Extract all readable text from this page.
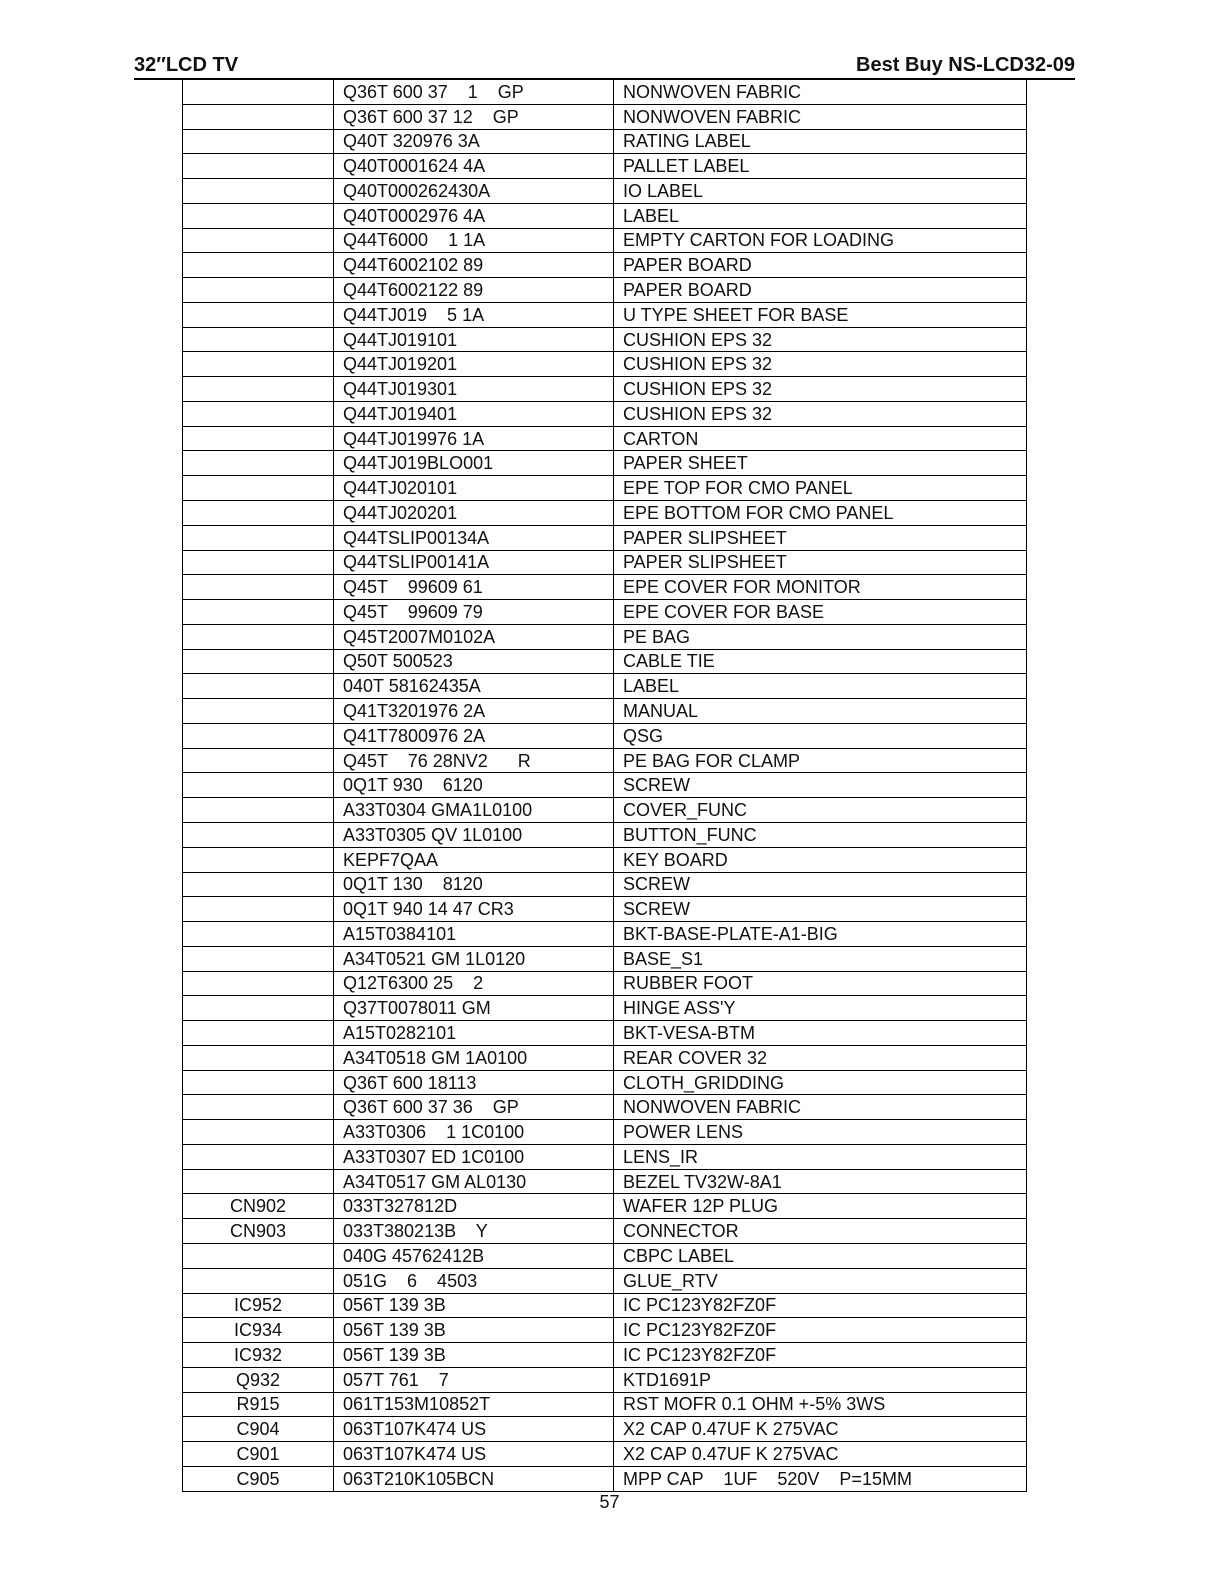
32″LCD TV	Best Buy NS-LCD32-09
	Q36T 600 37    1    GP	NONWOVEN FABRIC
	Q36T 600 37 12    GP	NONWOVEN FABRIC
	Q40T 320976 3A	RATING LABEL
	Q40T0001624 4A	PALLET LABEL
	Q40T000262430A	IO LABEL
	Q40T0002976 4A	LABEL
	Q44T6000    1 1A	EMPTY CARTON FOR LOADING
	Q44T6002102 89	PAPER BOARD
	Q44T6002122 89	PAPER BOARD
	Q44TJ019    5 1A	U TYPE SHEET FOR BASE
	Q44TJ019101	CUSHION EPS 32
	Q44TJ019201	CUSHION EPS 32
	Q44TJ019301	CUSHION EPS 32
	Q44TJ019401	CUSHION EPS 32
	Q44TJ019976 1A	CARTON
	Q44TJ019BLO001	PAPER SHEET
	Q44TJ020101	EPE TOP FOR CMO PANEL
	Q44TJ020201	EPE BOTTOM FOR CMO PANEL
	Q44TSLIP00134A	PAPER SLIPSHEET
	Q44TSLIP00141A	PAPER SLIPSHEET
	Q45T    99609 61	EPE COVER FOR MONITOR
	Q45T    99609 79	EPE COVER FOR BASE
	Q45T2007M0102A	PE BAG
	Q50T 500523	CABLE TIE
	040T 58162435A	LABEL
	Q41T3201976 2A	MANUAL
	Q41T7800976 2A	QSG
	Q45T    76 28NV2      R	PE BAG FOR CLAMP
	0Q1T 930    6120	SCREW
	A33T0304 GMA1L0100	COVER_FUNC
	A33T0305 QV 1L0100	BUTTON_FUNC
	KEPF7QAA	KEY BOARD
	0Q1T 130    8120	SCREW
	0Q1T 940 14 47 CR3	SCREW
	A15T0384101	BKT-BASE-PLATE-A1-BIG
	A34T0521 GM 1L0120	BASE_S1
	Q12T6300 25    2	RUBBER FOOT
	Q37T0078011 GM	HINGE ASS'Y
	A15T0282101	BKT-VESA-BTM
	A34T0518 GM 1A0100	REAR COVER 32
	Q36T 600 18113	CLOTH_GRIDDING
	Q36T 600 37 36    GP	NONWOVEN FABRIC
	A33T0306    1 1C0100	POWER LENS
	A33T0307 ED 1C0100	LENS_IR
	A34T0517 GM AL0130	BEZEL TV32W-8A1
CN902	033T327812D	WAFER 12P PLUG
CN903	033T380213B    Y	CONNECTOR
	040G 45762412B	CBPC LABEL
	051G    6    4503	GLUE_RTV
IC952	056T 139 3B	IC PC123Y82FZ0F
IC934	056T 139 3B	IC PC123Y82FZ0F
IC932	056T 139 3B	IC PC123Y82FZ0F
Q932	057T 761    7	KTD1691P
R915	061T153M10852T	RST MOFR 0.1 OHM +-5% 3WS
C904	063T107K474 US	X2 CAP 0.47UF K 275VAC
C901	063T107K474 US	X2 CAP 0.47UF K 275VAC
C905	063T210K105BCN	MPP CAP    1UF    520V    P=15MM
57
